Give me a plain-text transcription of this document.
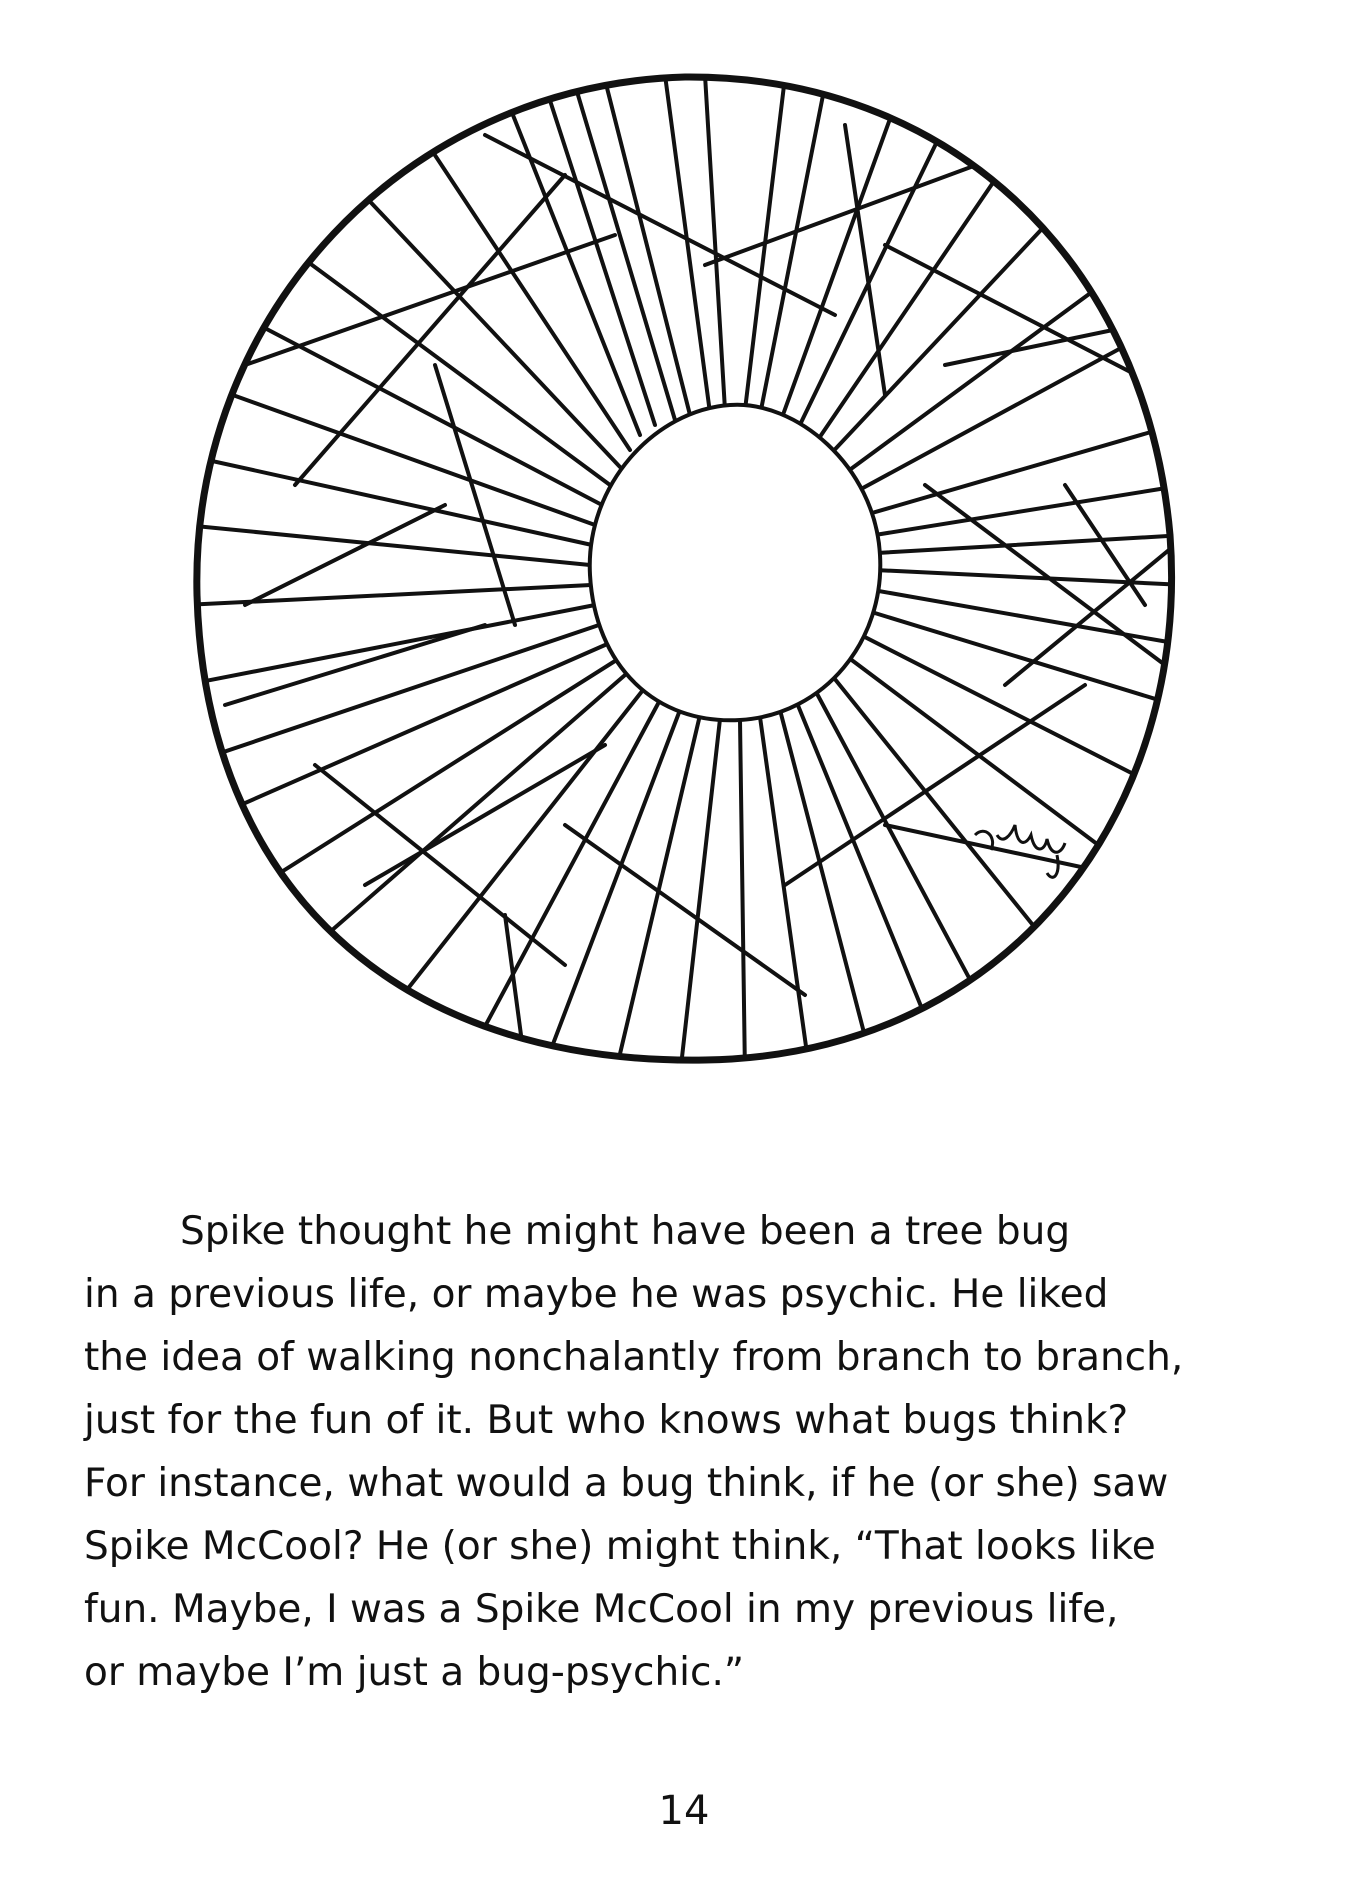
Spike thought he might have been a tree bug
in a previous life, or maybe he was psychic. He liked
the idea of walking nonchalantly from branch to branch,
just for the fun of it. But who knows what bugs think?
For instance, what would a bug think, if he (or she) saw
Spike McCool? He (or she) might think, “That looks like
fun. Maybe, I was a Spike McCool in my previous life,
or maybe I’m just a bug-psychic.”

14
